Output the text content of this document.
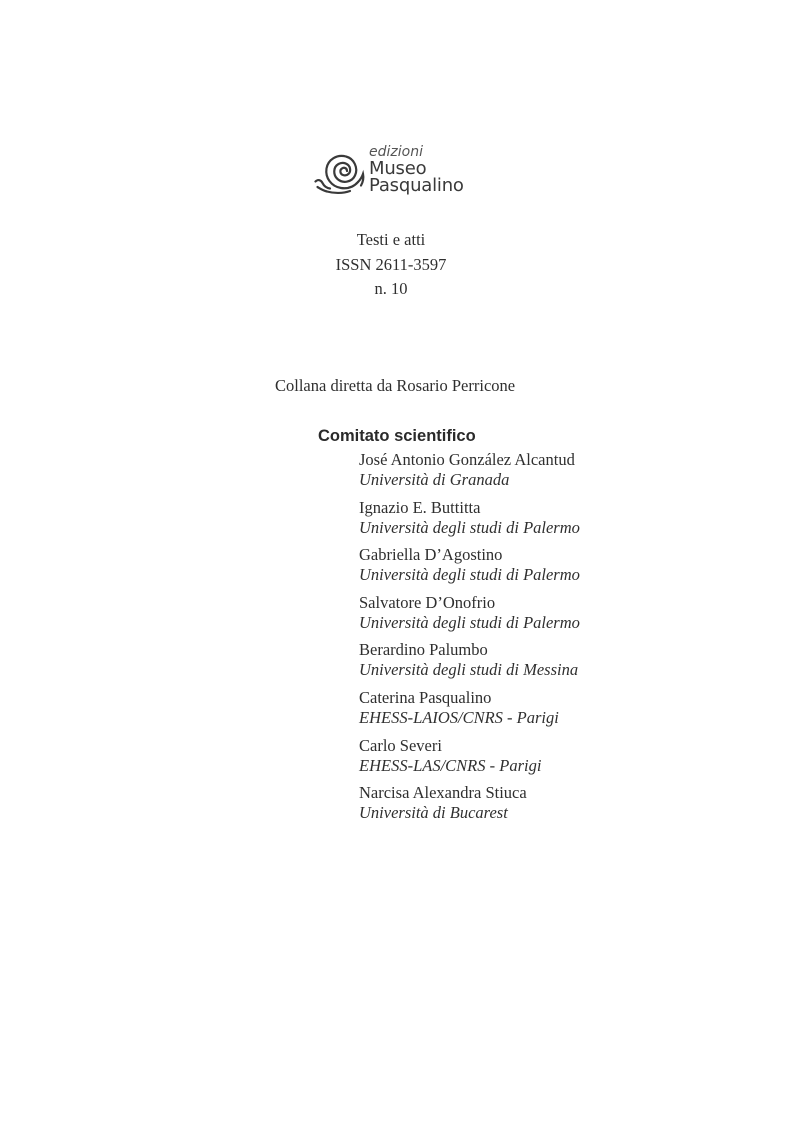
edizioni
Museo
Pasqualino
Testi e atti
ISSN 2611-3597
n. 10
Collana diretta da Rosario Perricone
Comitato scientifico
José Antonio González Alcantud
Università di Granada
Ignazio E. Buttitta
Università degli studi di Palermo
Gabriella D’Agostino
Università degli studi di Palermo
Salvatore D’Onofrio
Università degli studi di Palermo
Berardino Palumbo
Università degli studi di Messina
Caterina Pasqualino
EHESS-LAIOS/CNRS - Parigi
Carlo Severi
EHESS-LAS/CNRS - Parigi
Narcisa Alexandra Stiuca
Università di Bucarest
